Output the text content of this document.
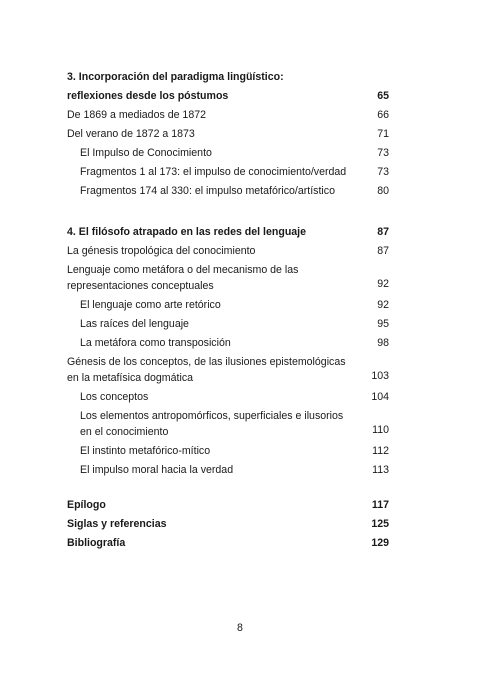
3. Incorporación del paradigma lingüístico:
reflexiones desde los póstumos	65
De 1869 a mediados de 1872	66
Del verano de 1872 a 1873	71
El Impulso de Conocimiento	73
Fragmentos 1 al 173: el impulso de conocimiento/verdad	73
Fragmentos 174 al 330: el impulso metafórico/artístico	80
4. El filósofo atrapado en las redes del lenguaje	87
La génesis tropológica del conocimiento	87
Lenguaje como metáfora o del mecanismo de las representaciones conceptuales	92
El lenguaje como arte retórico	92
Las raíces del lenguaje	95
La metáfora como transposición	98
Génesis de los conceptos, de las ilusiones epistemológicas en la metafísica dogmática	103
Los conceptos	104
Los elementos antropomórficos, superficiales e ilusorios en el conocimiento	110
El instinto metafórico-mítico	112
El impulso moral hacia la verdad	113
Epílogo	117
Siglas y referencias	125
Bibliografía	129
8
